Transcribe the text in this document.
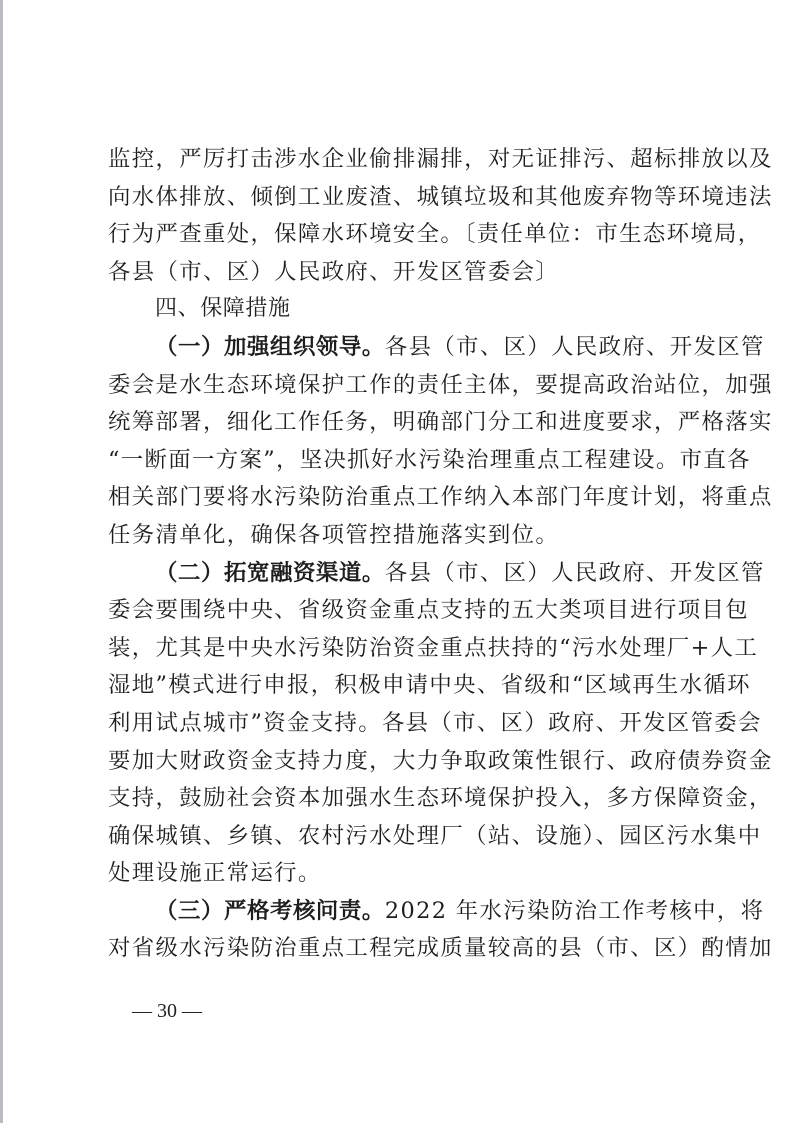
监控，严厉打击涉水企业偷排漏排，对无证排污、超标排放以及
向水体排放、倾倒工业废渣、城镇垃圾和其他废弃物等环境违法
行为严查重处，保障水环境安全。〔责任单位：市生态环境局，
各县（市、区）人民政府、开发区管委会〕
四、保障措施
（一）加强组织领导。各县（市、区）人民政府、开发区管
委会是水生态环境保护工作的责任主体，要提高政治站位，加强
统筹部署，细化工作任务，明确部门分工和进度要求，严格落实
“一断面一方案”，坚决抓好水污染治理重点工程建设。市直各
相关部门要将水污染防治重点工作纳入本部门年度计划，将重点
任务清单化，确保各项管控措施落实到位。
（二）拓宽融资渠道。各县（市、区）人民政府、开发区管
委会要围绕中央、省级资金重点支持的五大类项目进行项目包
装，尤其是中央水污染防治资金重点扶持的“污水处理厂+人工
湿地”模式进行申报，积极申请中央、省级和“区域再生水循环
利用试点城市”资金支持。各县（市、区）政府、开发区管委会
要加大财政资金支持力度，大力争取政策性银行、政府债券资金
支持，鼓励社会资本加强水生态环境保护投入，多方保障资金，
确保城镇、乡镇、农村污水处理厂（站、设施）、园区污水集中
处理设施正常运行。
（三）严格考核问责。2022 年水污染防治工作考核中，将
对省级水污染防治重点工程完成质量较高的县（市、区）酌情加
— 30 —
